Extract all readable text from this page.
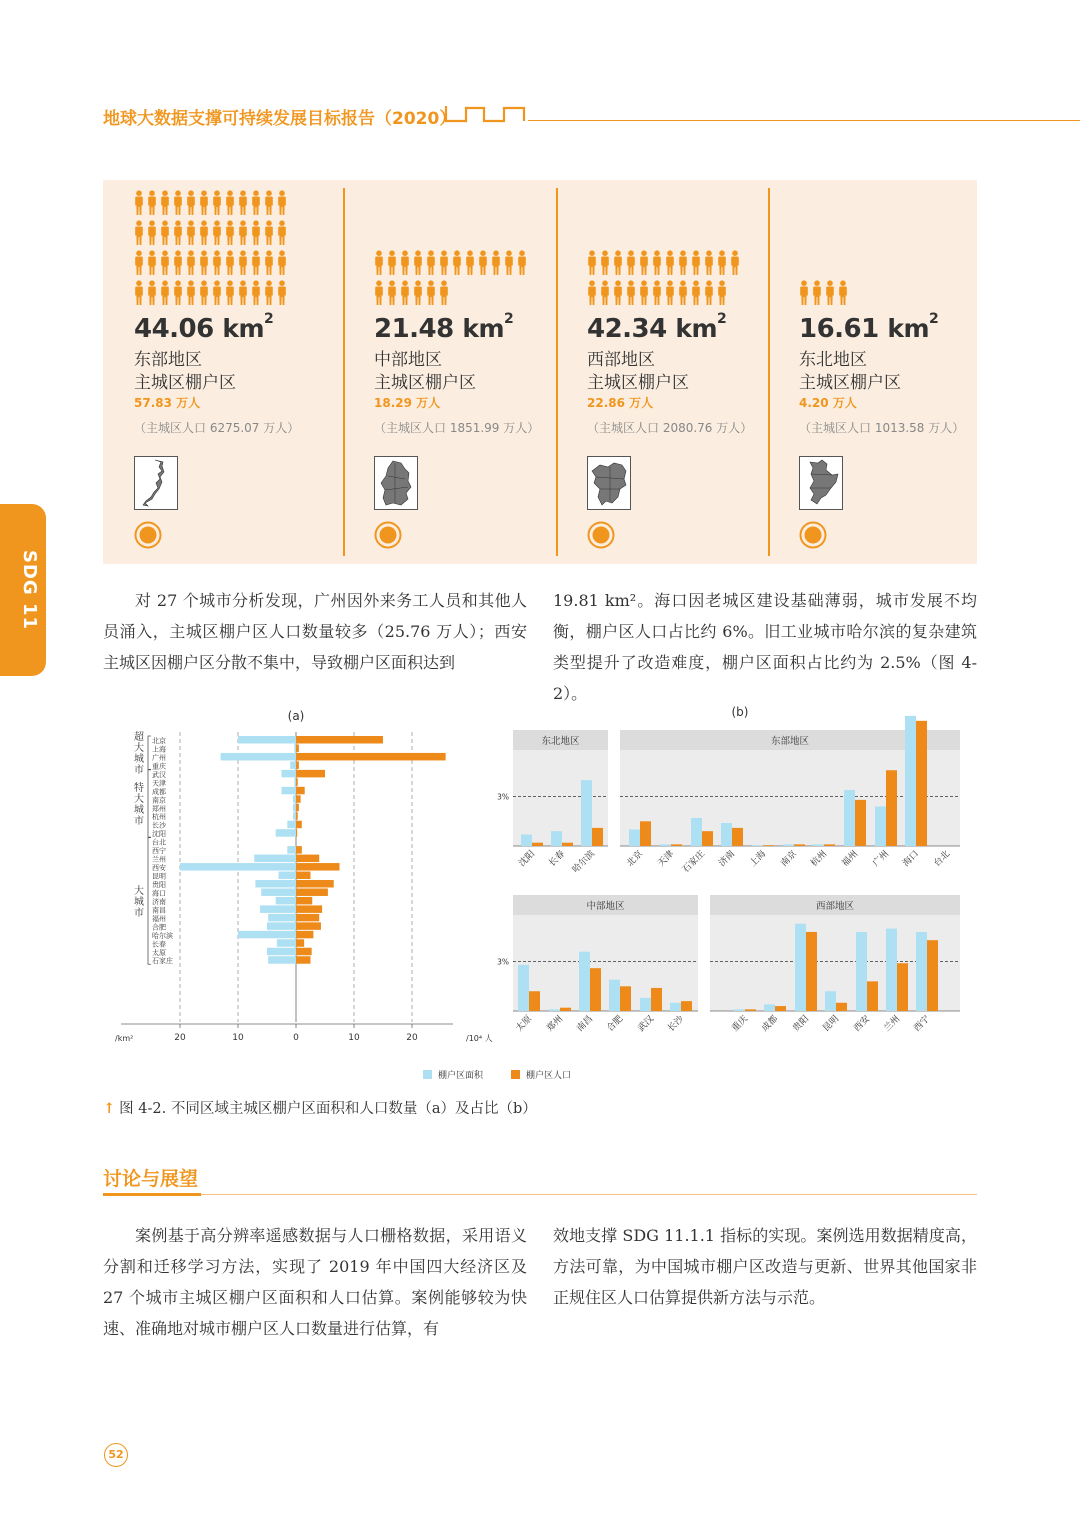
地球大数据支撑可持续发展目标报告（2020）
SDG 11
44.06 $km^2$
东部地区
主城区棚户区
57.83 万人
（主城区人口 6275.07 万人）
21.48 $km^2$
中部地区
主城区棚户区
18.29 万人
（主城区人口 1851.99 万人）
42.34 $km^2$
西部地区
主城区棚户区
22.86 万人
（主城区人口 2080.76 万人）
16.61 $km^2$
东北地区
主城区棚户区
4.20 万人
（主城区人口 1013.58 万人）
对 27 个城市分析发现，广州因外来务工人员和其他人员涌入，主城区棚户区人口数量较多（25.76 万人）；西安主城区因棚户区分散不集中，导致棚户区面积达到
19.81 km²。海口因老城区建设基础薄弱，城市发展不均衡，棚户区人口占比约 6%。旧工业城市哈尔滨的复杂建筑类型提升了改造难度，棚户区面积占比约为 2.5%（图 4-2）。
(a)
北京
上海
广州
重庆
武汉
天津
成都
南京
郑州
杭州
长沙
沈阳
台北
西宁
兰州
西安
昆明
贵阳
海口
济南
南昌
福州
合肥
哈尔滨
长春
太原
石家庄
超
大
城
市
特
大
城
市
大
城
市
20	10	0	10	20
/km²	/10⁴ 人
(b)
东北地区
3%
沈阳 长春 哈尔滨
东部地区
北京 天津 石家庄 济南 上海 南京 杭州 福州 广州 海口 台北
中部地区
3%
太原 郑州 南昌 合肥 武汉 长沙
西部地区
重庆 成都 贵阳 昆明 西安 兰州 西宁
棚户区面积	棚户区人口
↑ 图 4-2. 不同区域主城区棚户区面积和人口数量（a）及占比（b）
讨论与展望
案例基于高分辨率遥感数据与人口栅格数据，采用语义分割和迁移学习方法，实现了 2019 年中国四大经济区及 27 个城市主城区棚户区面积和人口估算。案例能够较为快速、准确地对城市棚户区人口数量进行估算，有
效地支撑 SDG 11.1.1 指标的实现。案例选用数据精度高，方法可靠，为中国城市棚户区改造与更新、世界其他国家非正规住区人口估算提供新方法与示范。
52
